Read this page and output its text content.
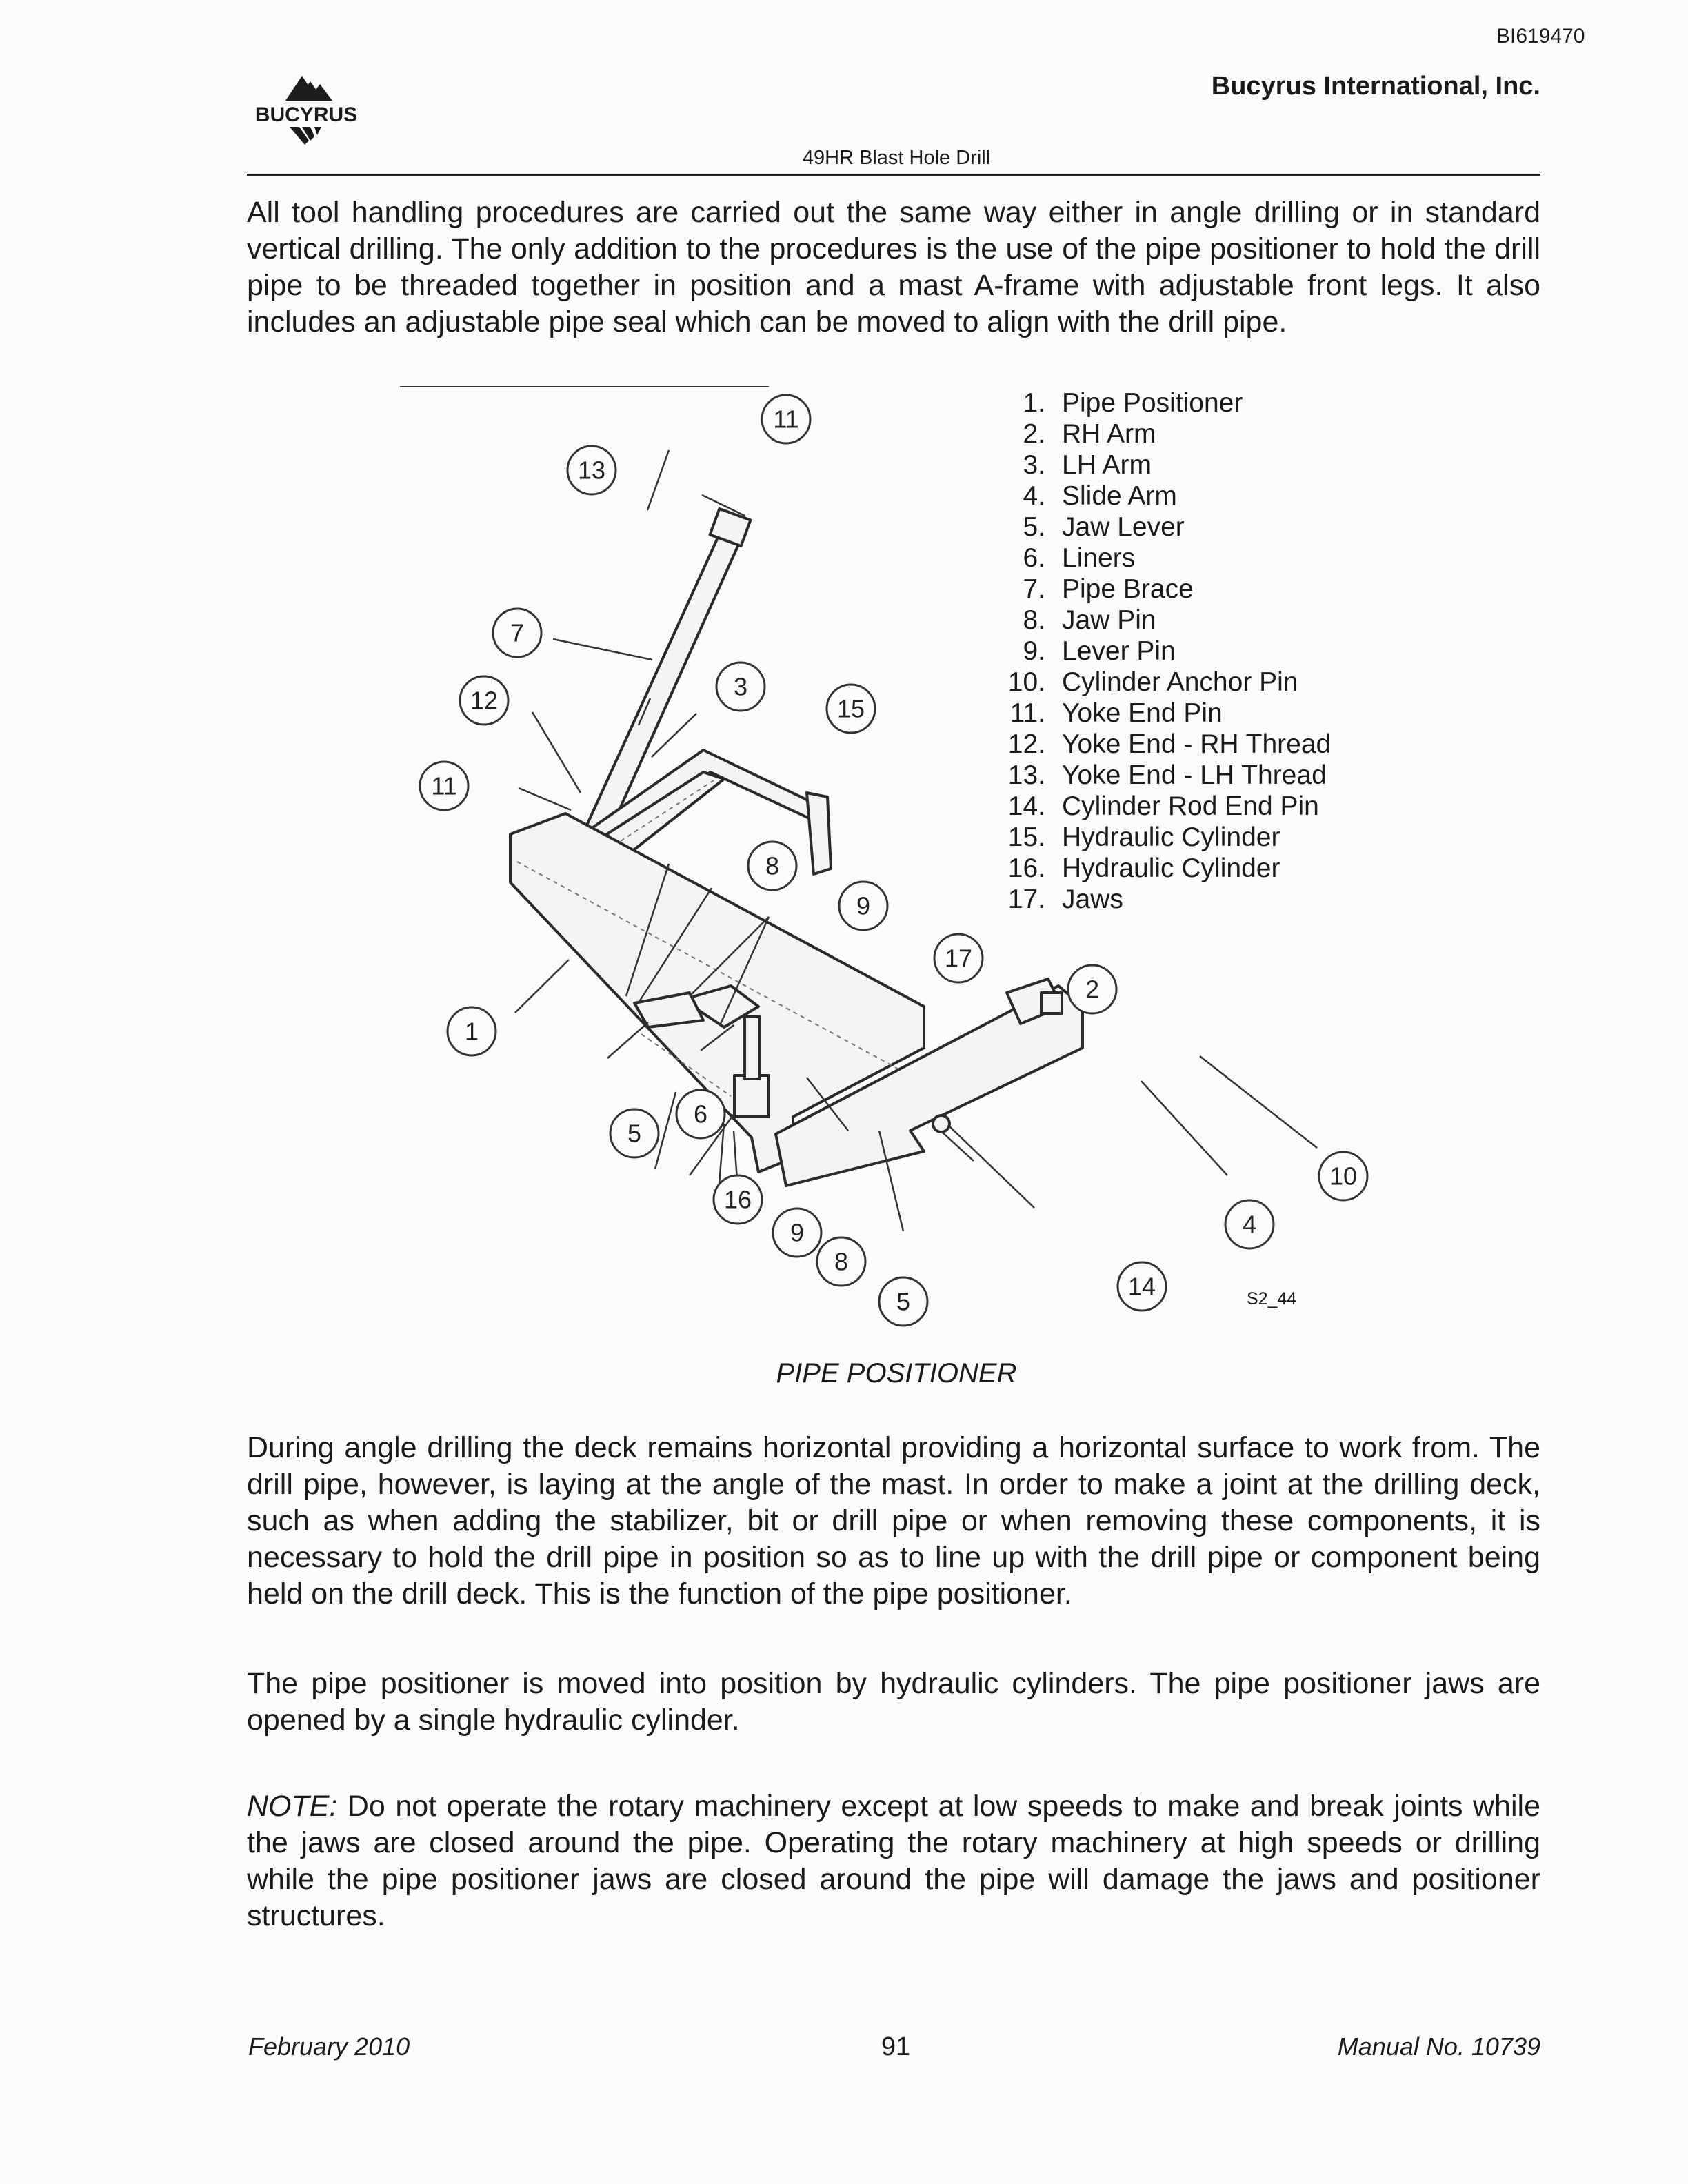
BI619470
BUCYRUS
Bucyrus International, Inc.
49HR Blast Hole Drill
All tool handling procedures are carried out the same way either in angle drilling or in standard vertical drilling. The only addition to the procedures is the use of the pipe positioner to hold the drill pipe to be threaded together in position and a mast A-frame with adjustable front legs. It also includes an adjustable pipe seal which can be moved to align with the drill pipe.
11
13
7
3
15
12
11
8
9
17
2
1
5
6
16
9
8
5
14
4
10
1. Pipe Positioner
2. RH Arm
3. LH Arm
4. Slide Arm
5. Jaw Lever
6. Liners
7. Pipe Brace
8. Jaw Pin
9. Lever Pin
10. Cylinder Anchor Pin
11. Yoke End Pin
12. Yoke End - RH Thread
13. Yoke End - LH Thread
14. Cylinder Rod End Pin
15. Hydraulic Cylinder
16. Hydraulic Cylinder
17. Jaws
S2_44
PIPE POSITIONER
During angle drilling the deck remains horizontal providing a horizontal surface to work from. The drill pipe, however, is laying at the angle of the mast. In order to make a joint at the drilling deck, such as when adding the stabilizer, bit or drill pipe or when removing these components, it is necessary to hold the drill pipe in position so as to line up with the drill pipe or component being held on the drill deck. This is the function of the pipe positioner.
The pipe positioner is moved into position by hydraulic cylinders. The pipe positioner jaws are opened by a single hydraulic cylinder.
NOTE: Do not operate the rotary machinery except at low speeds to make and break joints while the jaws are closed around the pipe. Operating the rotary machinery at high speeds or drilling while the pipe positioner jaws are closed around the pipe will damage the jaws and positioner structures.
February 2010	91	Manual No. 10739
